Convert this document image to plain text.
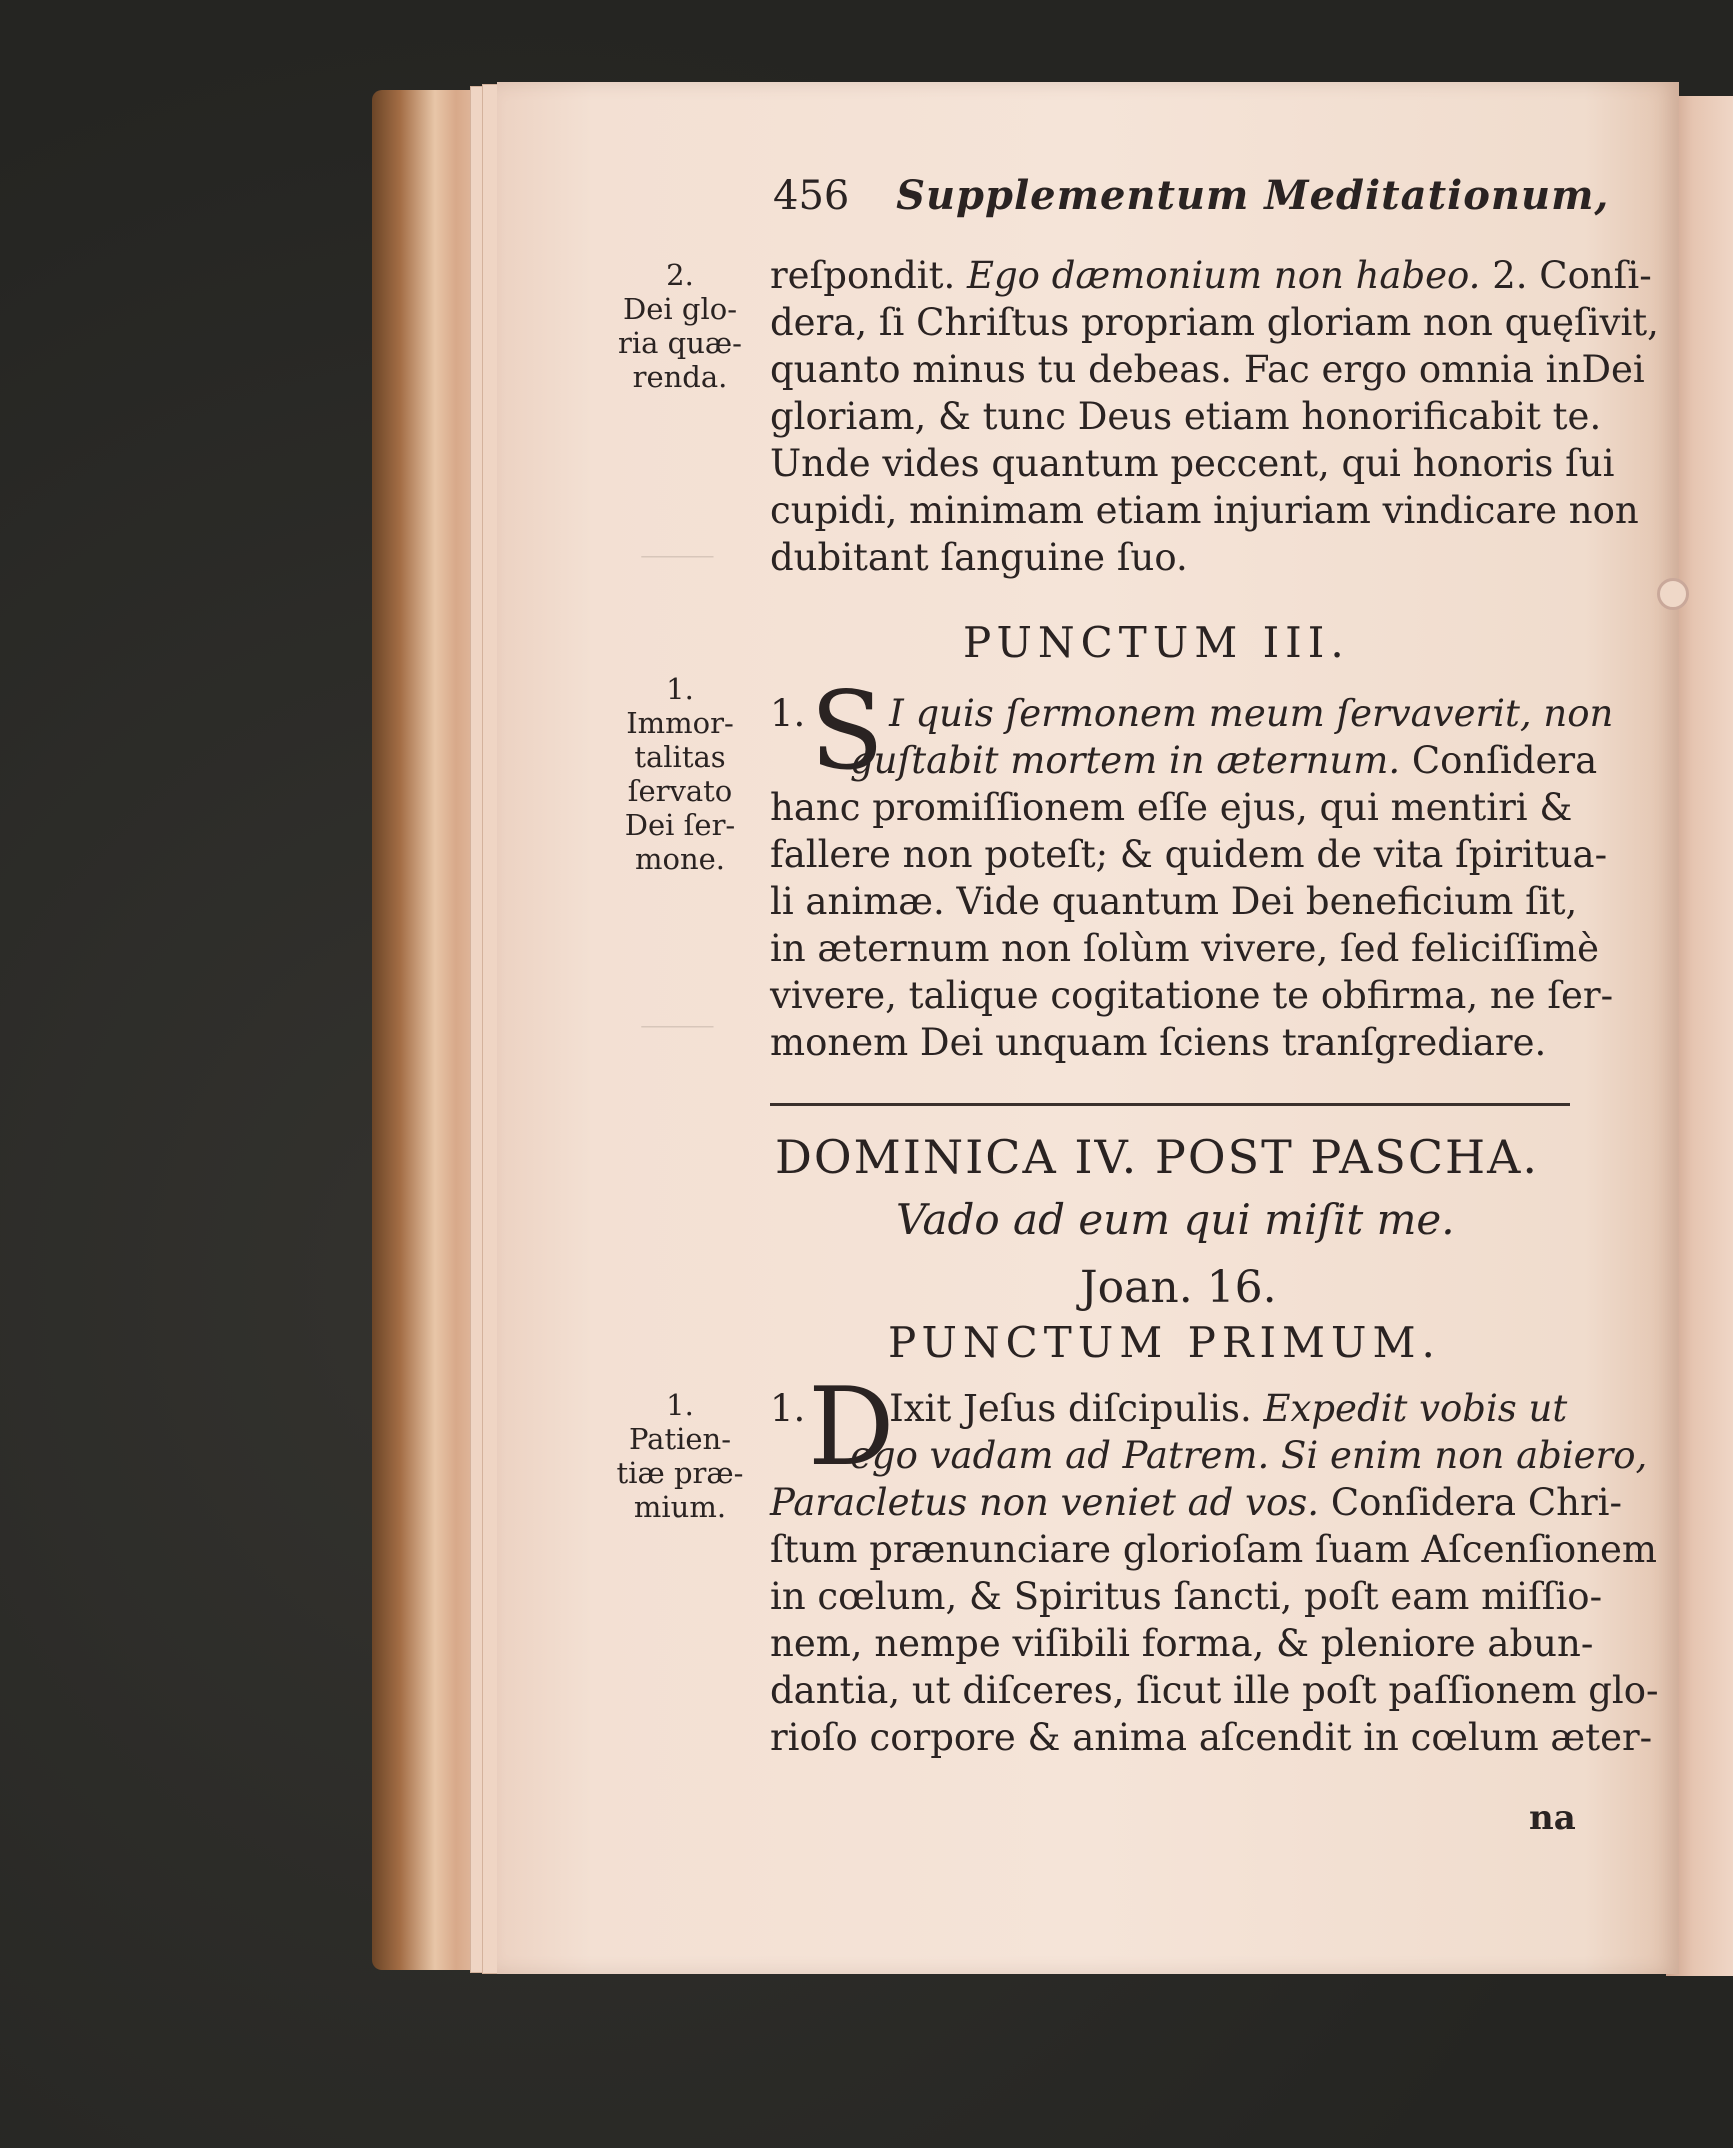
⸻
⸻
456 Supplementum Meditationum,
2.
Dei glo-
ria quæ-
renda.
reſpondit. Ego dæmonium non habeo. 2. Conſi-
dera, ſi Chriſtus propriam gloriam non quęſivit,
quanto minus tu debeas. Fac ergo omnia inDei
gloriam, & tunc Deus etiam honorificabit te.
Unde vides quantum peccent, qui honoris ſui
cupidi, minimam etiam injuriam vindicare non
dubitant ſanguine ſuo.
PUNCTUM III.
1.
Immor-
talitas
ſervato
Dei ſer-
mone.
S
1. I quis ſermonem meum ſervaverit, non
guſtabit mortem in æternum. Conſidera
hanc promiſſionem eſſe ejus, qui mentiri &
fallere non poteſt; & quidem de vita ſpiritua-
li animæ. Vide quantum Dei beneficium ſit,
in æternum non ſolùm vivere, ſed feliciſſimè
vivere, talique cogitatione te obfirma, ne ſer-
monem Dei unquam ſciens tranſgrediare.
DOMINICA IV. POST PASCHA.
Vado ad eum qui miſit me.
Joan. 16.
PUNCTUM PRIMUM.
1.
Patien-
tiæ præ-
mium.
D
1. Ixit Jeſus diſcipulis. Expedit vobis ut
ego vadam ad Patrem. Si enim non abiero,
Paracletus non veniet ad vos. Conſidera Chri-
ſtum prænunciare glorioſam ſuam Aſcenſionem
in cœlum, & Spiritus ſancti, poſt eam miſſio-
nem, nempe viſibili forma, & pleniore abun-
dantia, ut diſceres, ſicut ille poſt paſſionem glo-
rioſo corpore & anima aſcendit in cœlum æter-
na
